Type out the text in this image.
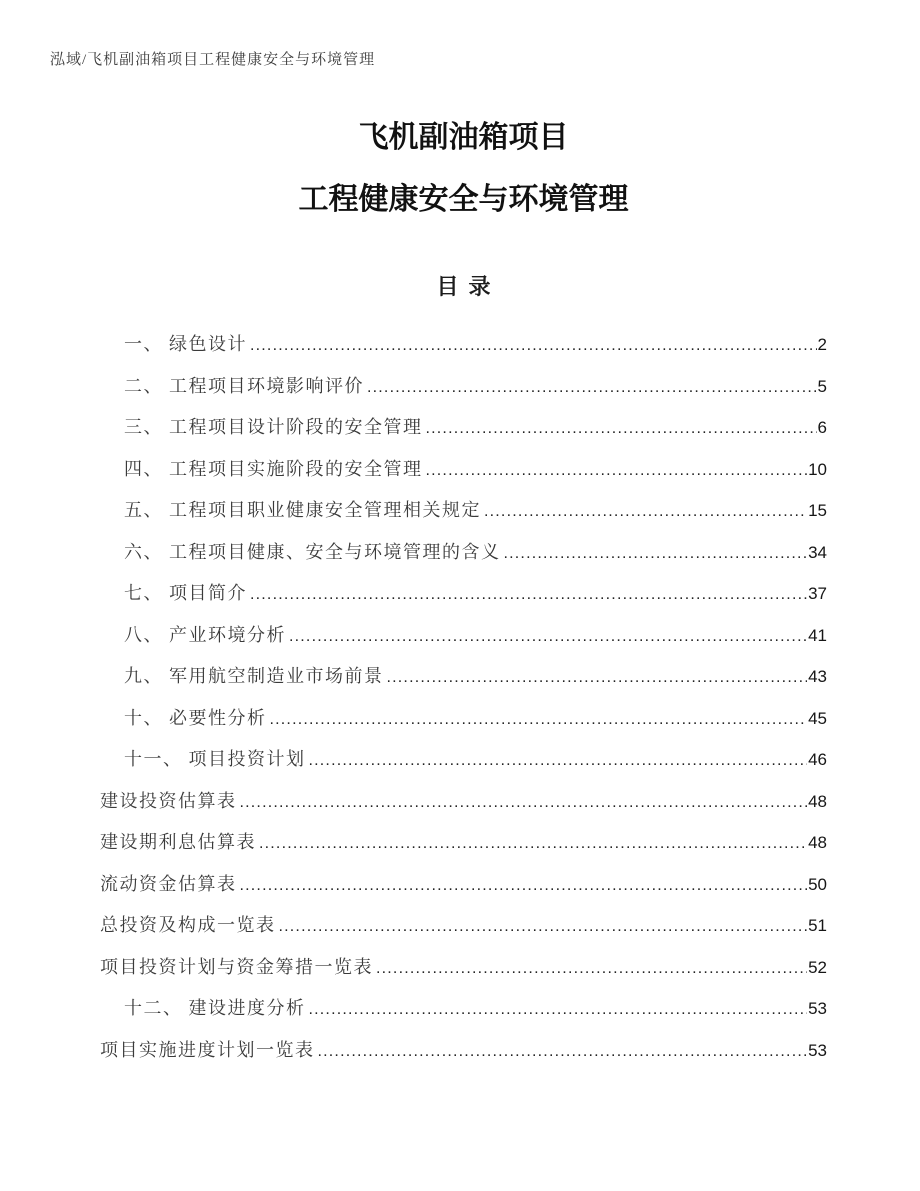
泓域/飞机副油箱项目工程健康安全与环境管理
飞机副油箱项目
工程健康安全与环境管理
目录
一、 绿色设计 .....	2
二、 工程项目环境影响评价 .....	5
三、 工程项目设计阶段的安全管理 .....	6
四、 工程项目实施阶段的安全管理 .....	10
五、 工程项目职业健康安全管理相关规定 .....	15
六、 工程项目健康、安全与环境管理的含义 .....	34
七、 项目简介 .....	37
八、 产业环境分析 .....	41
九、 军用航空制造业市场前景 .....	43
十、 必要性分析 .....	45
十一、 项目投资计划 .....	46
建设投资估算表 .....	48
建设期利息估算表 .....	48
流动资金估算表 .....	50
总投资及构成一览表 .....	51
项目投资计划与资金筹措一览表 .....	52
十二、 建设进度分析 .....	53
项目实施进度计划一览表 .....	53
